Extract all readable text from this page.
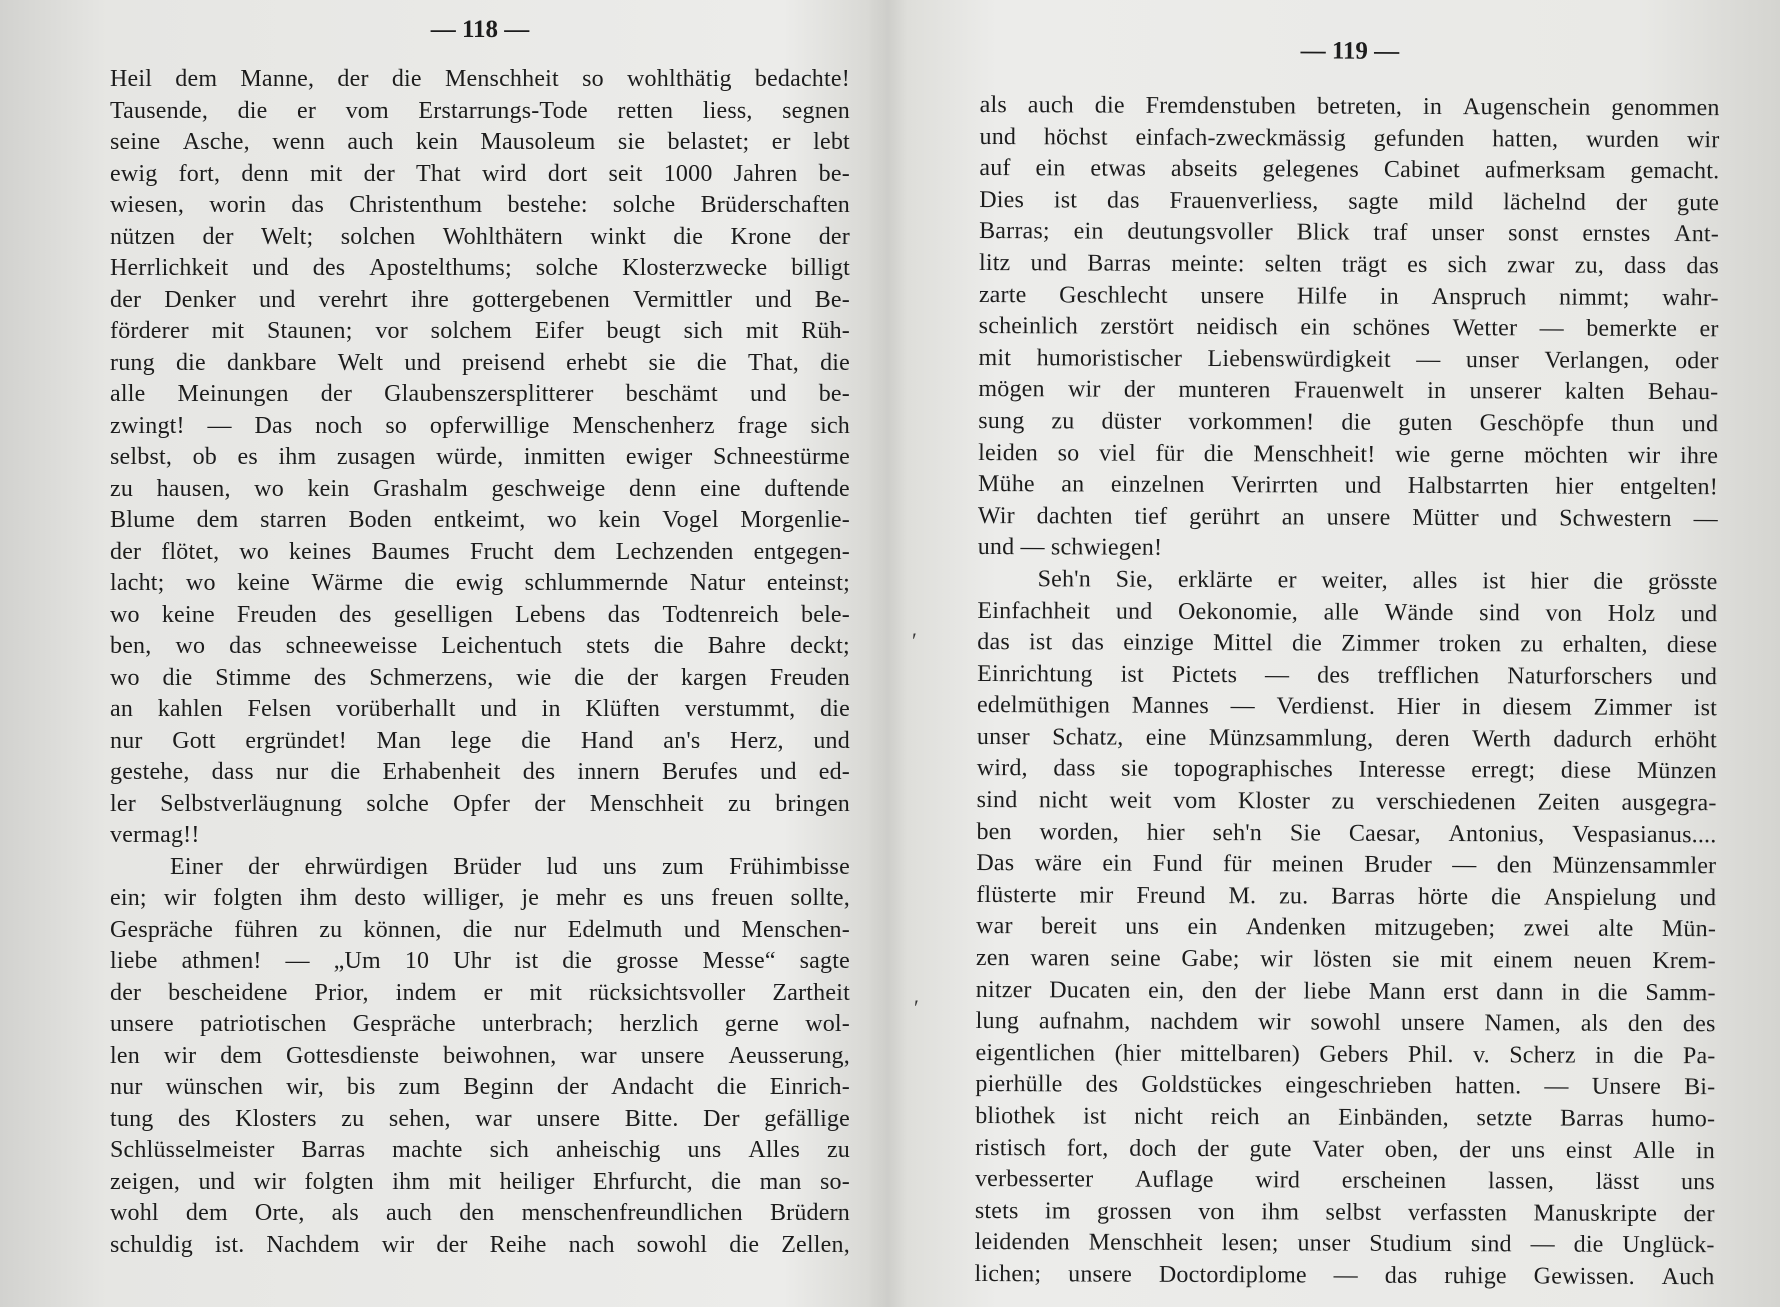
— 118 —
Heil dem Manne, der die Menschheit so wohlthätig bedachte!
Tausende, die er vom Erstarrungs-Tode retten liess, segnen
seine Asche, wenn auch kein Mausoleum sie belastet; er lebt
ewig fort, denn mit der That wird dort seit 1000 Jahren be-
wiesen, worin das Christenthum bestehe: solche Brüderschaften
nützen der Welt; solchen Wohlthätern winkt die Krone der
Herrlichkeit und des Apostelthums; solche Klosterzwecke billigt
der Denker und verehrt ihre gottergebenen Vermittler und Be-
förderer mit Staunen; vor solchem Eifer beugt sich mit Rüh-
rung die dankbare Welt und preisend erhebt sie die That, die
alle Meinungen der Glaubenszersplitterer beschämt und be-
zwingt! — Das noch so opferwillige Menschenherz frage sich
selbst, ob es ihm zusagen würde, inmitten ewiger Schneestürme
zu hausen, wo kein Grashalm geschweige denn eine duftende
Blume dem starren Boden entkeimt, wo kein Vogel Morgenlie-
der flötet, wo keines Baumes Frucht dem Lechzenden entgegen-
lacht; wo keine Wärme die ewig schlummernde Natur enteinst;
wo keine Freuden des geselligen Lebens das Todtenreich bele-
ben, wo das schneeweisse Leichentuch stets die Bahre deckt;
wo die Stimme des Schmerzens, wie die der kargen Freuden
an kahlen Felsen vorüberhallt und in Klüften verstummt, die
nur Gott ergründet! Man lege die Hand an's Herz, und
gestehe, dass nur die Erhabenheit des innern Berufes und ed-
ler Selbstverläugnung solche Opfer der Menschheit zu bringen
vermag!!
Einer der ehrwürdigen Brüder lud uns zum Frühimbisse
ein; wir folgten ihm desto williger, je mehr es uns freuen sollte,
Gespräche führen zu können, die nur Edelmuth und Menschen-
liebe athmen! — „Um 10 Uhr ist die grosse Messe“ sagte
der bescheidene Prior, indem er mit rücksichtsvoller Zartheit
unsere patriotischen Gespräche unterbrach; herzlich gerne wol-
len wir dem Gottesdienste beiwohnen, war unsere Aeusserung,
nur wünschen wir, bis zum Beginn der Andacht die Einrich-
tung des Klosters zu sehen, war unsere Bitte. Der gefällige
Schlüsselmeister Barras machte sich anheischig uns Alles zu
zeigen, und wir folgten ihm mit heiliger Ehrfurcht, die man so-
wohl dem Orte, als auch den menschenfreundlichen Brüdern
schuldig ist. Nachdem wir der Reihe nach sowohl die Zellen,
′
′
— 119 —
als auch die Fremdenstuben betreten, in Augenschein genommen
und höchst einfach-zweckmässig gefunden hatten, wurden wir
auf ein etwas abseits gelegenes Cabinet aufmerksam gemacht.
Dies ist das Frauenverliess, sagte mild lächelnd der gute
Barras; ein deutungsvoller Blick traf unser sonst ernstes Ant-
litz und Barras meinte: selten trägt es sich zwar zu, dass das
zarte Geschlecht unsere Hilfe in Anspruch nimmt; wahr-
scheinlich zerstört neidisch ein schönes Wetter — bemerkte er
mit humoristischer Liebenswürdigkeit — unser Verlangen, oder
mögen wir der munteren Frauenwelt in unserer kalten Behau-
sung zu düster vorkommen! die guten Geschöpfe thun und
leiden so viel für die Menschheit! wie gerne möchten wir ihre
Mühe an einzelnen Verirrten und Halbstarrten hier entgelten!
Wir dachten tief gerührt an unsere Mütter und Schwestern —
und — schwiegen!
Seh'n Sie, erklärte er weiter, alles ist hier die grösste
Einfachheit und Oekonomie, alle Wände sind von Holz und
das ist das einzige Mittel die Zimmer troken zu erhalten, diese
Einrichtung ist Pictets — des trefflichen Naturforschers und
edelmüthigen Mannes — Verdienst. Hier in diesem Zimmer ist
unser Schatz, eine Münzsammlung, deren Werth dadurch erhöht
wird, dass sie topographisches Interesse erregt; diese Münzen
sind nicht weit vom Kloster zu verschiedenen Zeiten ausgegra-
ben worden, hier seh'n Sie Caesar, Antonius, Vespasianus....
Das wäre ein Fund für meinen Bruder — den Münzensammler
flüsterte mir Freund M. zu. Barras hörte die Anspielung und
war bereit uns ein Andenken mitzugeben; zwei alte Mün-
zen waren seine Gabe; wir lösten sie mit einem neuen Krem-
nitzer Ducaten ein, den der liebe Mann erst dann in die Samm-
lung aufnahm, nachdem wir sowohl unsere Namen, als den des
eigentlichen (hier mittelbaren) Gebers Phil. v. Scherz in die Pa-
pierhülle des Goldstückes eingeschrieben hatten. — Unsere Bi-
bliothek ist nicht reich an Einbänden, setzte Barras humo-
ristisch fort, doch der gute Vater oben, der uns einst Alle in
verbesserter Auflage wird erscheinen lassen, lässt uns
stets im grossen von ihm selbst verfassten Manuskripte der
leidenden Menschheit lesen; unser Studium sind — die Unglück-
lichen; unsere Doctordiplome — das ruhige Gewissen. Auch
